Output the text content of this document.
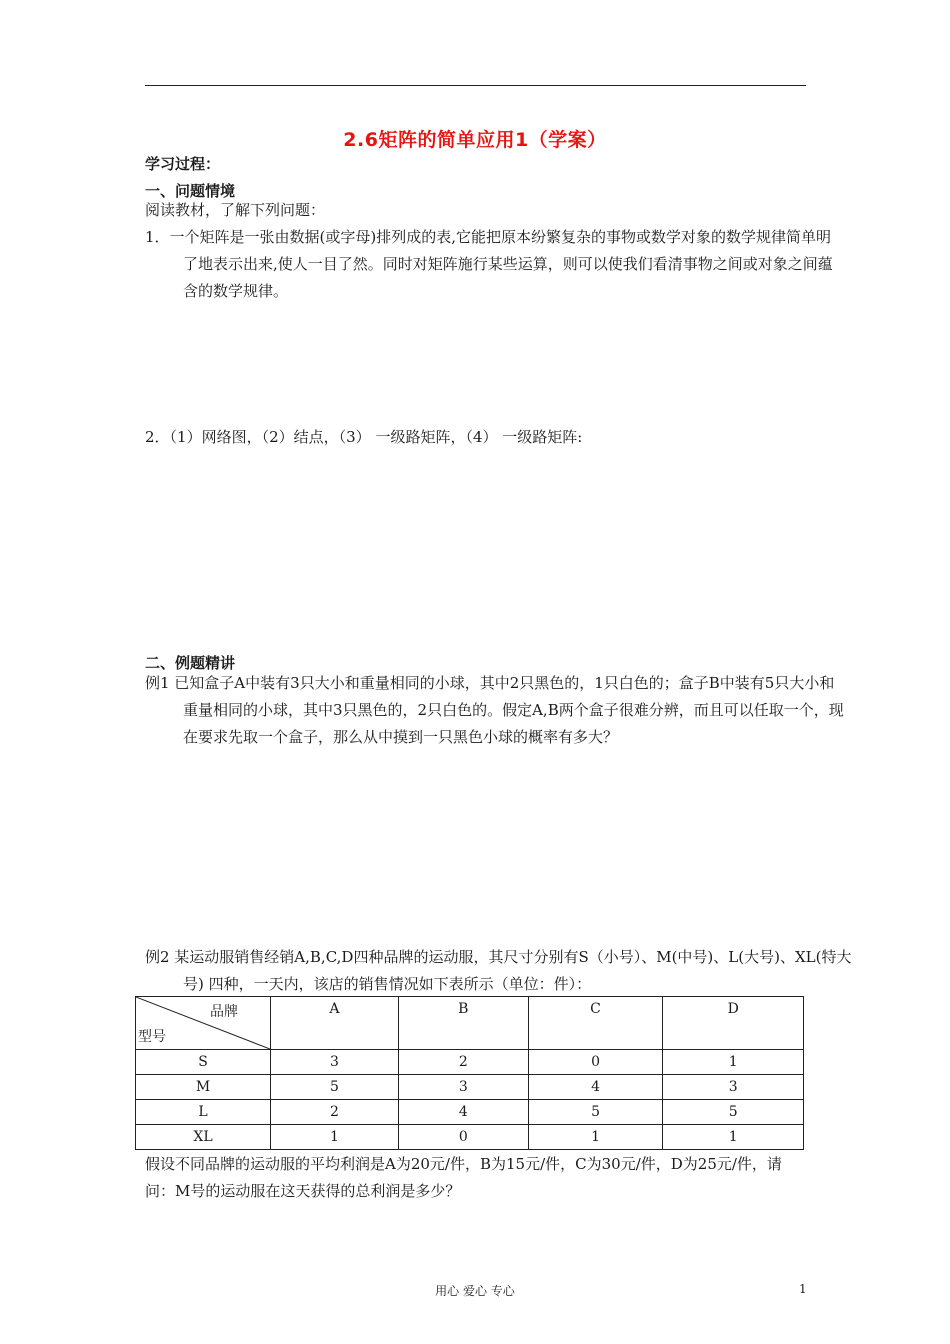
2.6矩阵的简单应用1（学案）
学习过程：
一、问题情境
阅读教材，了解下列问题：
1．一个矩阵是一张由数据(或字母)排列成的表,它能把原本纷繁复杂的事物或数学对象的数学规律简单明了地表示出来,使人一目了然。同时对矩阵施行某些运算，则可以使我们看清事物之间或对象之间蕴含的数学规律。
2．（1）网络图，（2）结点，（3） 一级路矩阵，（4） 一级路矩阵:
二、例题精讲
例1 已知盒子A中装有3只大小和重量相同的小球，其中2只黑色的，1只白色的；盒子B中装有5只大小和重量相同的小球，其中3只黑色的，2只白色的。假定A,B两个盒子很难分辨，而且可以任取一个，现在要求先取一个盒子，那么从中摸到一只黑色小球的概率有多大？
例2 某运动服销售经销A,B,C,D四种品牌的运动服，其尺寸分别有S（小号）、M(中号)、L(大号)、XL(特大号) 四种，一天内，该店的销售情况如下表所示（单位：件）：
品牌
型号	A	B	C	D
S	3	2	0	1
M	5	3	4	3
L	2	4	5	5
XL	1	0	1	1
假设不同品牌的运动服的平均利润是A为20元/件，B为15元/件，C为30元/件，D为25元/件，请问：M号的运动服在这天获得的总利润是多少？
用心 爱心 专心	1
